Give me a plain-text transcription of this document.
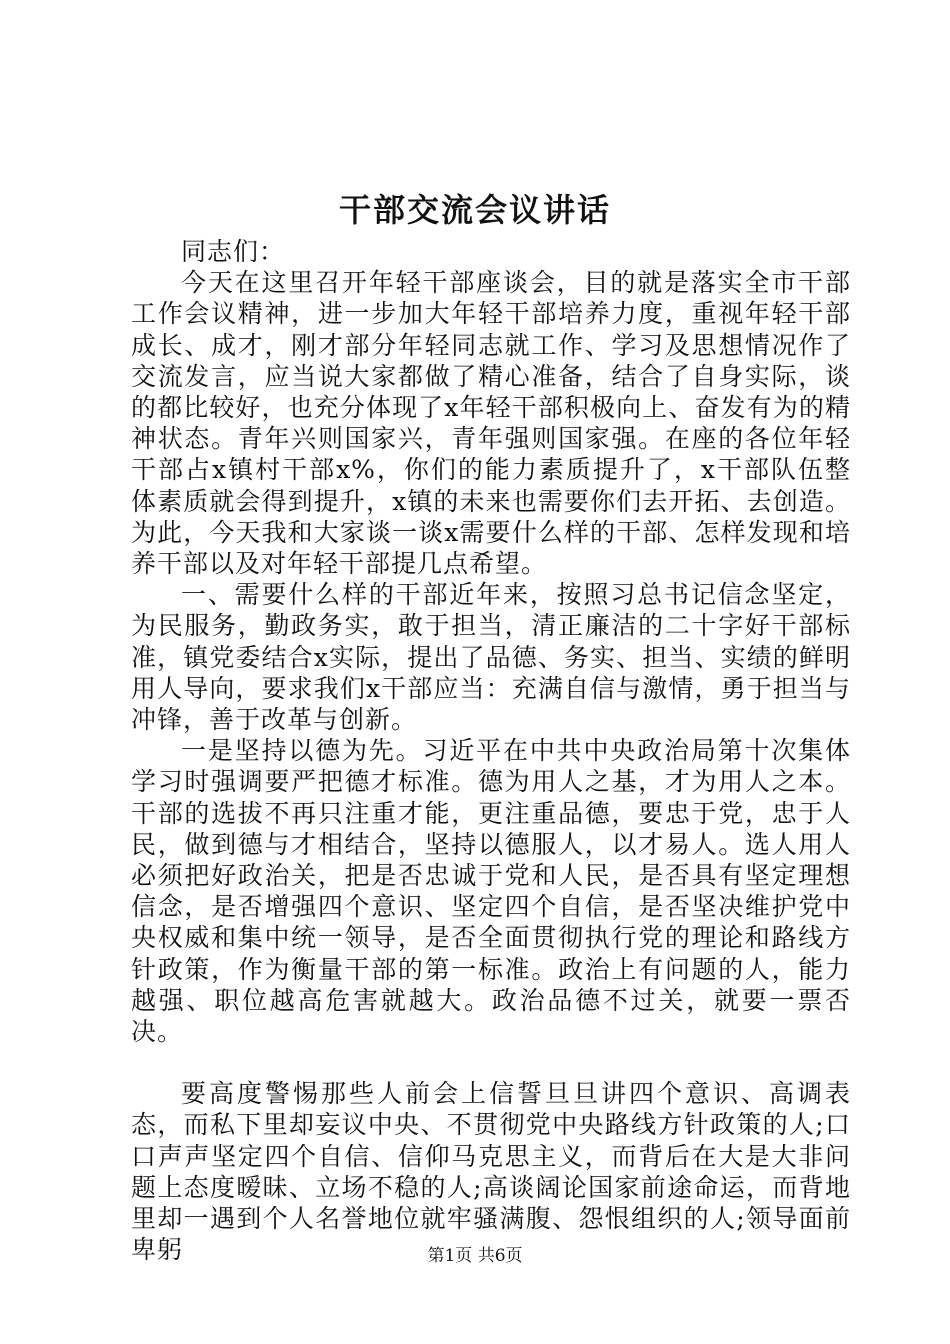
干部交流会议讲话

同志们：

今天在这里召开年轻干部座谈会，目的就是落实全市干部工作会议精神，进一步加大年轻干部培养力度，重视年轻干部成长、成才，刚才部分年轻同志就工作、学习及思想情况作了交流发言，应当说大家都做了精心准备，结合了自身实际，谈的都比较好，也充分体现了x年轻干部积极向上、奋发有为的精神状态。青年兴则国家兴，青年强则国家强。在座的各位年轻干部占x镇村干部x%，你们的能力素质提升了，x干部队伍整体素质就会得到提升，x镇的未来也需要你们去开拓、去创造。为此，今天我和大家谈一谈x需要什么样的干部、怎样发现和培养干部以及对年轻干部提几点希望。

一、需要什么样的干部近年来，按照习总书记信念坚定，为民服务，勤政务实，敢于担当，清正廉洁的二十字好干部标准，镇党委结合x实际，提出了品德、务实、担当、实绩的鲜明用人导向，要求我们x干部应当：充满自信与激情，勇于担当与冲锋，善于改革与创新。

一是坚持以德为先。习近平在中共中央政治局第十次集体学习时强调要严把德才标准。德为用人之基，才为用人之本。干部的选拔不再只注重才能，更注重品德，要忠于党，忠于人民，做到德与才相结合，坚持以德服人，以才易人。选人用人必须把好政治关，把是否忠诚于党和人民，是否具有坚定理想信念，是否增强四个意识、坚定四个自信，是否坚决维护党中央权威和集中统一领导，是否全面贯彻执行党的理论和路线方针政策，作为衡量干部的第一标准。政治上有问题的人，能力越强、职位越高危害就越大。政治品德不过关，就要一票否决。

要高度警惕那些人前会上信誓旦旦讲四个意识、高调表态，而私下里却妄议中央、不贯彻党中央路线方针政策的人;口口声声坚定四个自信、信仰马克思主义，而背后在大是大非问题上态度暧昧、立场不稳的人;高谈阔论国家前途命运，而背地里却一遇到个人名誉地位就牢骚满腹、怨恨组织的人;领导面前卑躬	第1页 共6页
